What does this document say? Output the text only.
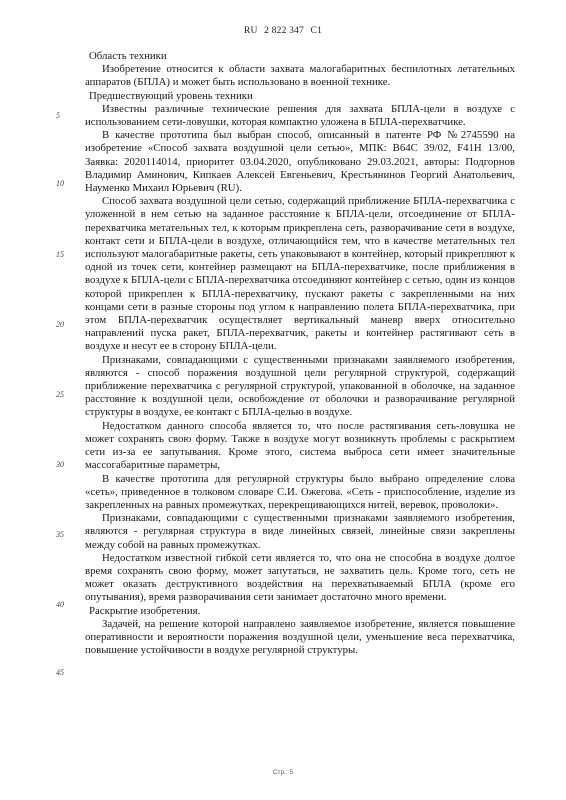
RU 2 822 347 C1
5
10
15
20
25
30
35
40
45

Область техники

Изобретение относится к области захвата малогабаритных беспилотных летательных аппаратов (БПЛА) и может быть использовано в военной технике.

Предшествующий уровень техники

Известны различные технические решения для захвата БПЛА-цели в воздухе с использованием сети-ловушки, которая компактно уложена в БПЛА-перехватчике.

В качестве прототипа был выбран способ, описанный в патенте РФ №2745590 на изобретение «Способ захвата воздушной цели сетью», МПК: B64C 39/02, F41H 13/00, Заявка: 2020114014, приоритет 03.04.2020, опубликовано 29.03.2021, авторы: Подгорнов Владимир Аминович, Кипкаев Алексей Евгеньевич, Крестьянинов Георгий Анатольевич, Науменко Михаил Юрьевич (RU).

Способ захвата воздушной цели сетью, содержащий приближение БПЛА-перехватчика с уложенной в нем сетью на заданное расстояние к БПЛА-цели, отсоединение от БПЛА-перехватчика метательных тел, к которым прикреплена сеть, разворачивание сети в воздухе, контакт сети и БПЛА-цели в воздухе, отличающийся тем, что в качестве метательных тел используют малогабаритные ракеты, сеть упаковывают в контейнер, который прикрепляют к одной из точек сети, контейнер размещают на БПЛА-перехватчике, после приближения в воздухе к БПЛА-цели с БПЛА-перехватчика отсоединяют контейнер с сетью, один из концов которой прикреплен к БПЛА-перехватчику, пускают ракеты с закрепленными на них концами сети в разные стороны под углом к направлению полета БПЛА-перехватчика, при этом БПЛА-перехватчик осуществляет вертикальный маневр вверх относительно направлений пуска ракет, БПЛА-перехватчик, ракеты и контейнер растягивают сеть в воздухе и несут ее в сторону БПЛА-цели.

Признаками, совпадающими с существенными признаками заявляемого изобретения, являются - способ поражения воздушной цели регулярной структурой, содержащий приближение перехватчика с регулярной структурой, упакованной в оболочке, на заданное расстояние к воздушной цели, освобождение от оболочки и разворачивание регулярной структуры в воздухе, ее контакт с БПЛА-целью в воздухе.

Недостатком данного способа является то, что после растягивания сеть-ловушка не может сохранять свою форму. Также в воздухе могут возникнуть проблемы с раскрытием сети из-за ее запутывания. Кроме этого, система выброса сети имеет значительные массогабаритные параметры,

В качестве прототипа для регулярной структуры было выбрано определение слова «сеть», приведенное в толковом словаре С.И. Ожегова. «Сеть - приспособление, изделие из закрепленных на равных промежутках, перекрещивающихся нитей, веревок, проволоки».

Признаками, совпадающими с существенными признаками заявляемого изобретения, являются - регулярная структура в виде линейных связей, линейные связи закреплены между собой на равных промежутках.

Недостатком известной гибкой сети является то, что она не способна в воздухе долгое время сохранять свою форму, может запутаться, не захватить цель. Кроме того, сеть не может оказать деструктивного воздействия на перехватываемый БПЛА (кроме его опутывания), время разворачивания сети занимает достаточно много времени.

Раскрытие изобретения.

Задачей, на решение которой направлено заявляемое изобретение, является повышение оперативности и вероятности поражения воздушной цели, уменьшение веса перехватчика, повышение устойчивости в воздухе регулярной структуры.

Стр.: 5
